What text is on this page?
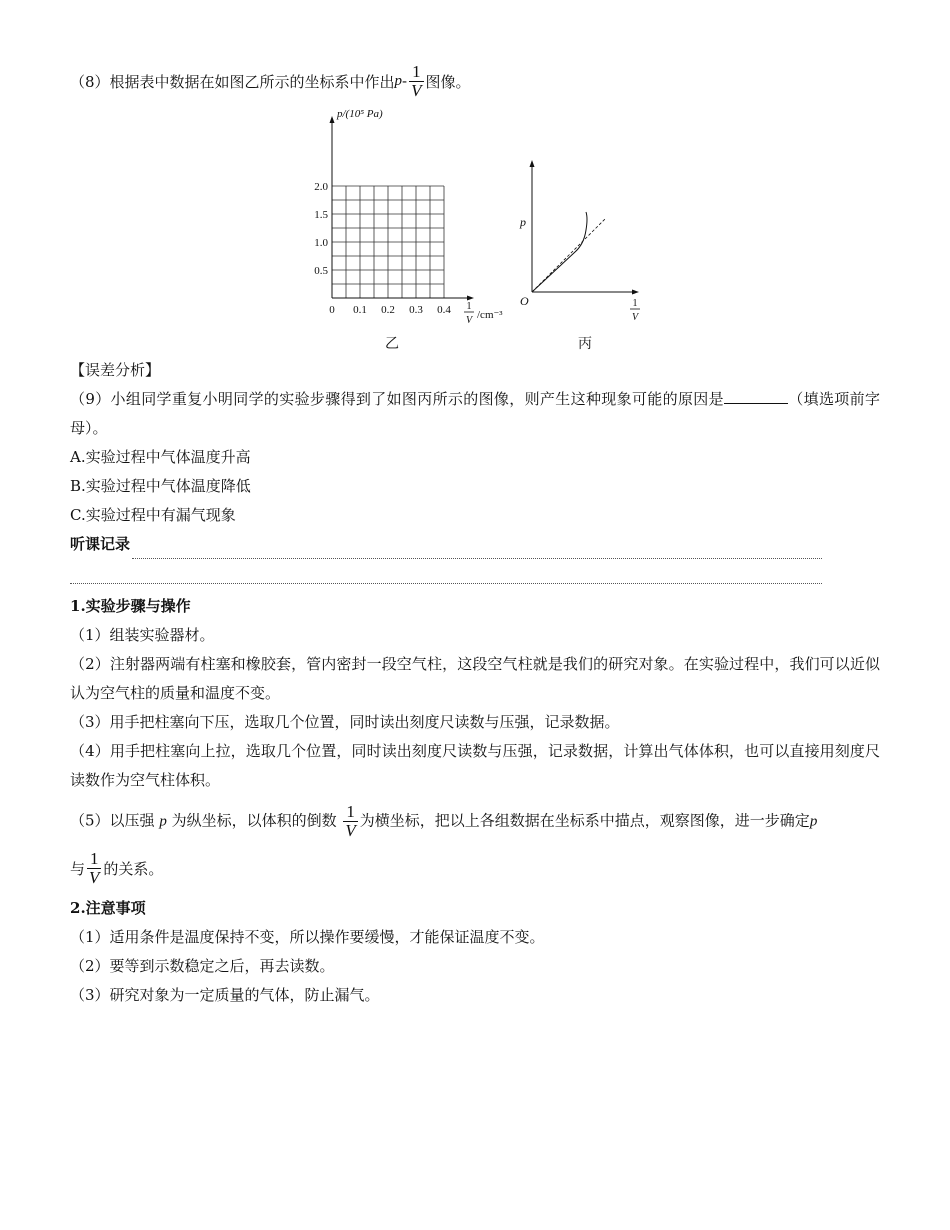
（8）根据表中数据在如图乙所示的坐标系中作出 p - $\frac{1}{V}$ 图像。
p/(10⁵ Pa)
0.5
1.0
1.5
2.0
0 0.1 0.2 0.3 0.4 1
V /cm⁻³
乙
p
O	1
V
丙
【误差分析】
（9）小组同学重复小明同学的实验步骤得到了如图丙所示的图像，则产生这种现象可能的原因是	（填选项前字母）。
A.实验过程中气体温度升高
B.实验过程中气体温度降低
C.实验过程中有漏气现象
听课记录
1.实验步骤与操作
（1）组装实验器材。
（2）注射器两端有柱塞和橡胶套，管内密封一段空气柱，这段空气柱就是我们的研究对象。在实验过程中，我们可以近似认为空气柱的质量和温度不变。
（3）用手把柱塞向下压，选取几个位置，同时读出刻度尺读数与压强，记录数据。
（4）用手把柱塞向上拉，选取几个位置，同时读出刻度尺读数与压强，记录数据，计算出气体体积，也可以直接用刻度尺读数作为空气柱体积。
（5）以压强 p 为纵坐标，以体积的倒数 $\frac{1}{V}$ 为横坐标，把以上各组数据在坐标系中描点，观察图像，进一步确定p
与 $\frac{1}{V}$ 的关系。
2.注意事项
（1）适用条件是温度保持不变，所以操作要缓慢，才能保证温度不变。
（2）要等到示数稳定之后，再去读数。
（3）研究对象为一定质量的气体，防止漏气。
